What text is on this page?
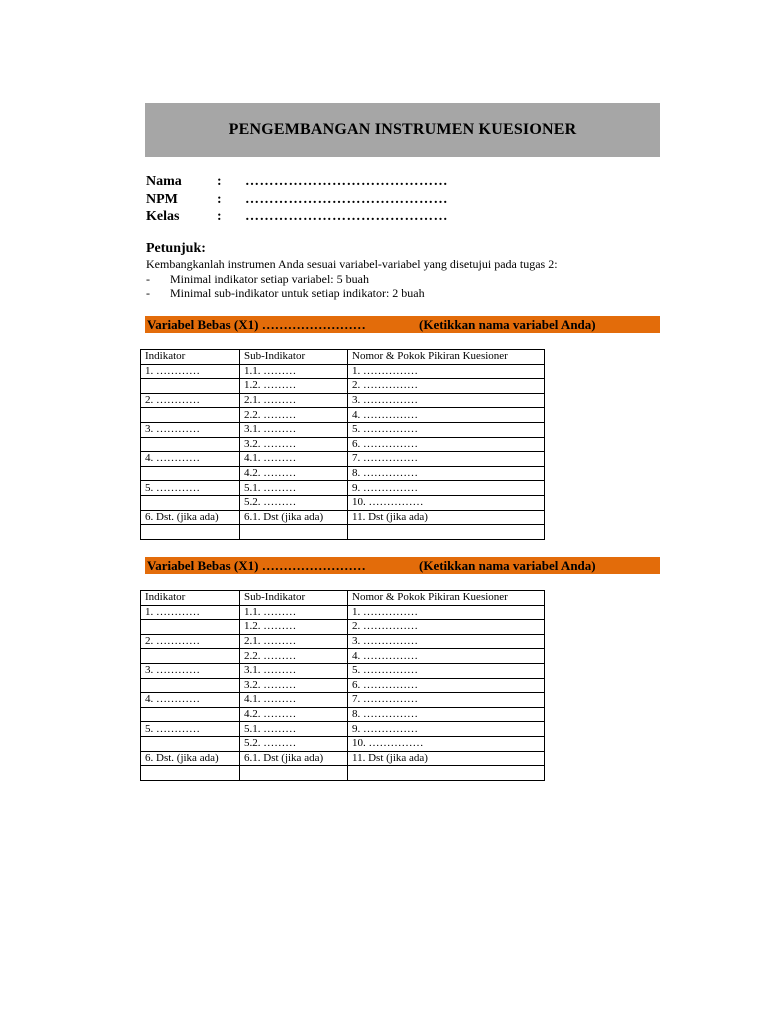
PENGEMBANGAN INSTRUMEN KUESIONER
Nama	: ……………………………………
NPM	: ……………………………………
Kelas	: ……………………………………
Petunjuk:
Kembangkanlah instrumen Anda sesuai variabel-variabel yang disetujui pada tugas 2:
- Minimal indikator setiap variabel: 5 buah
- Minimal sub-indikator untuk setiap indikator: 2 buah
Variabel Bebas (X1) ……………………	(Ketikkan nama variabel Anda)
Indikator	Sub-Indikator	Nomor & Pokok Pikiran Kuesioner
1. …………	1.1. ………	1. ……………
	1.2. ………	2. ……………
2. …………	2.1. ………	3. ……………
	2.2. ………	4. ……………
3. …………	3.1. ………	5. ……………
	3.2. ………	6. ……………
4. …………	4.1. ………	7. ……………
	4.2. ………	8. ……………
5. …………	5.1. ………	9. ……………
	5.2. ………	10. ……………
6. Dst. (jika ada)	6.1. Dst (jika ada)	11. Dst (jika ada)

Variabel Bebas (X1) ……………………	(Ketikkan nama variabel Anda)
Indikator	Sub-Indikator	Nomor & Pokok Pikiran Kuesioner
1. …………	1.1. ………	1. ……………
	1.2. ………	2. ……………
2. …………	2.1. ………	3. ……………
	2.2. ………	4. ……………
3. …………	3.1. ………	5. ……………
	3.2. ………	6. ……………
4. …………	4.1. ………	7. ……………
	4.2. ………	8. ……………
5. …………	5.1. ………	9. ……………
	5.2. ………	10. ……………
6. Dst. (jika ada)	6.1. Dst (jika ada)	11. Dst (jika ada)
